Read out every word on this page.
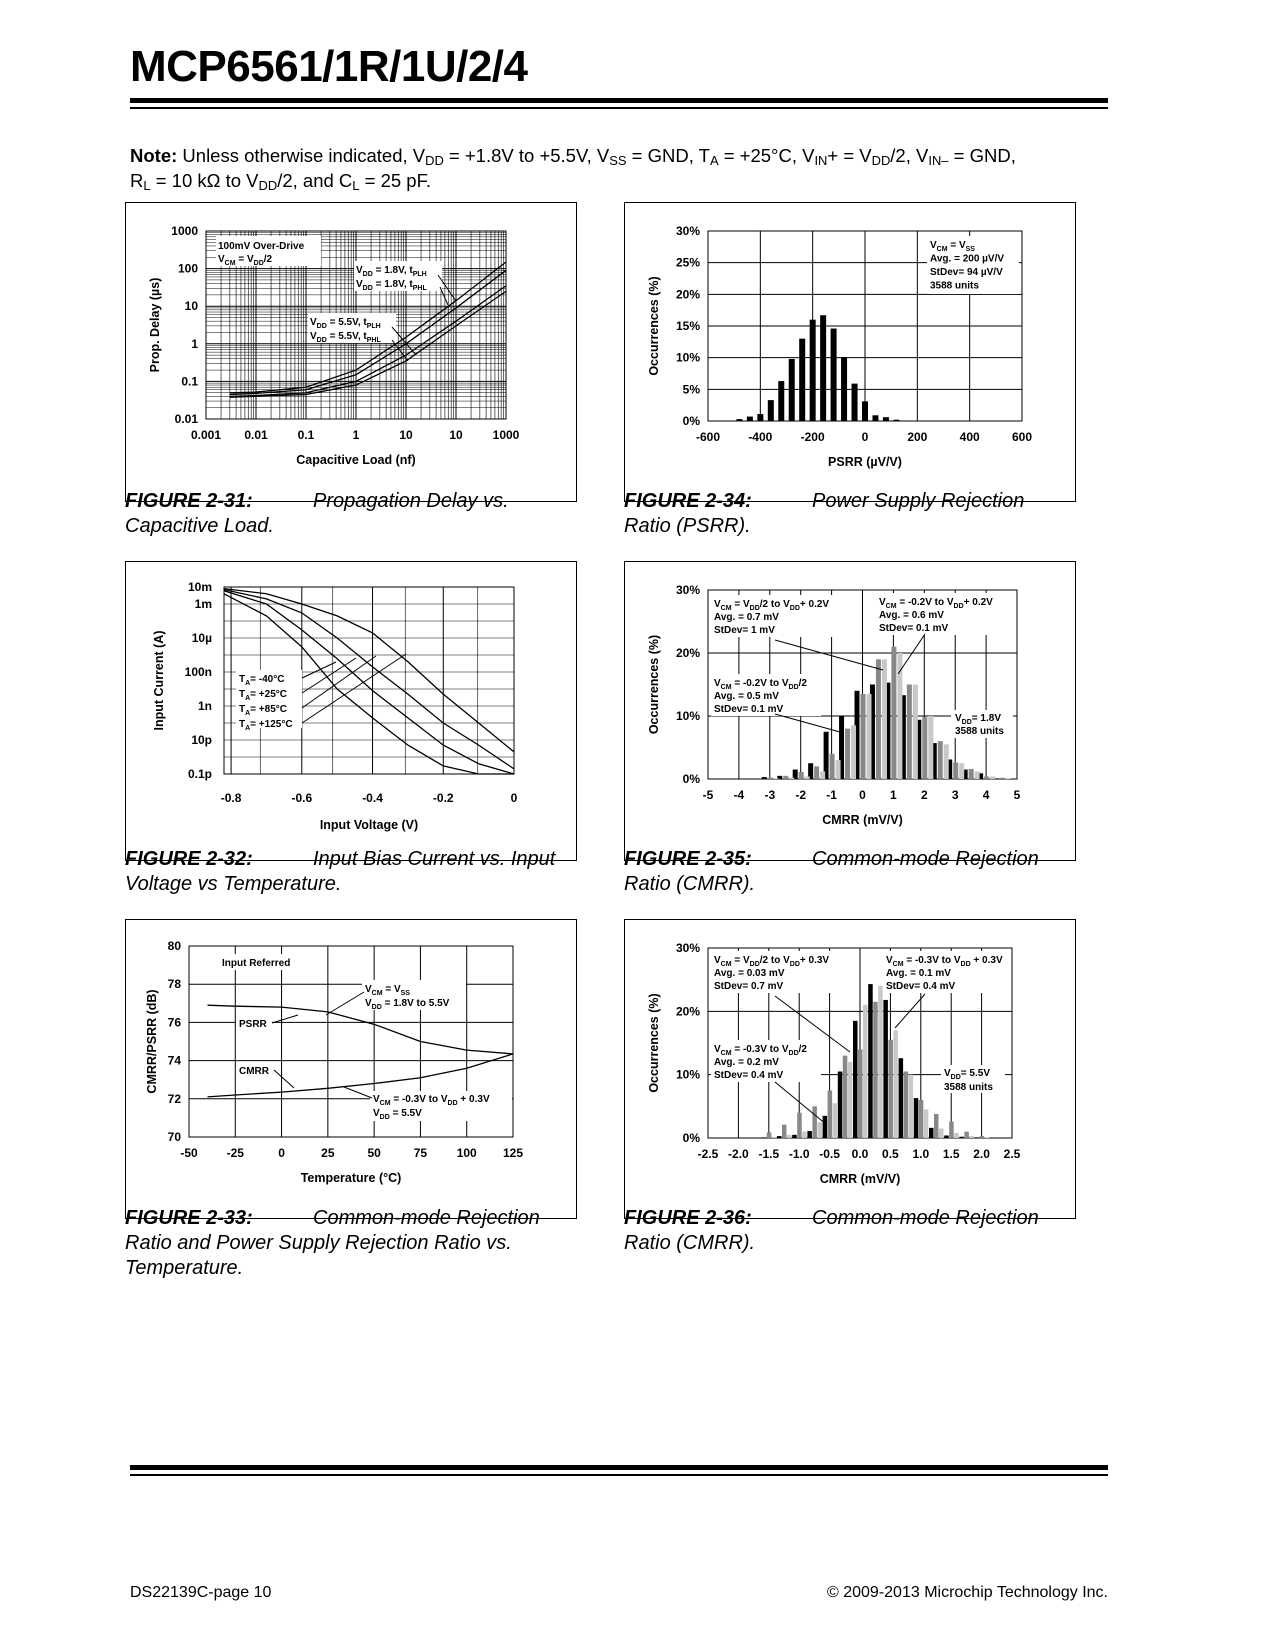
MCP6561/1R/1U/2/4
Note: Unless otherwise indicated, $V_{DD} = +1.8V$ to +5.5V, $V_{SS}$ = GND, $T_A = +25^\circ C$, $V_{IN}+ = V_{DD}/2$, $V_{IN-}$ = GND,
$R_L = 10$ kΩ to $V_{DD}/2$, and $C_L = 25$ pF.
1000
100
10
1
0.1
0.01
0.001 0.01 0.1	1	10	10 1000
Capacitive Load (nf)
Prop. Delay (µs)
100mV Over-Drive
$V_{CM} = V_{DD}/2$
$V_{DD} = 1.8V$, $t_{PLH}$
$V_{DD} = 1.8V$, $t_{PHL}$
$V_{DD} = 5.5V$, $t_{PLH}$
$V_{DD} = 5.5V$, $t_{PHL}$
30%
25%
20%
15%
10%
5%
0%
-600 -400 -200	0	200	400	600
PSRR (µV/V)
Occurrences (%)
$V_{CM} = V_{SS}$
Avg. = 200 µV/V
StDev= 94 µV/V
3588 units
10m
1m
10µ
100n
1n
10p
0.1p
-0.8	-0.6	-0.4	-0.2	0
Input Voltage (V)
Input Current (A)	$T_A= -40^\circ C$
$T_A= +25^\circ C$
$T_A= +85^\circ C$
$T_A= +125^\circ C$
30%
20%
10%
0%
-5 -4 -3 -2 -1 0 1 2 3 4 5
CMRR (mV/V)
Occurrences (%)
$V_{CM} = V_{DD}/2$ to $V_{DD}+ 0.2V$
Avg. = 0.7 mV
StDev= 1 mV
$V_{CM} = -0.2V$ to $V_{DD}+ 0.2V$
Avg. = 0.6 mV
StDev= 0.1 mV
$V_{CM} = -0.2V$ to $V_{DD}/2$
Avg. = 0.5 mV
StDev= 0.1 mV
$V_{DD}= 1.8V$
3588 units
80
78
76
74
72
70
-50 -25	0	25	50	75 100 125
Temperature (°C)
CMRR/PSRR (dB)
Input Referred
$V_{CM} = V_{SS}$
$V_{DD} = 1.8V$ to 5.5V
PSRR
CMRR
$V_{CM} = -0.3V$ to $V_{DD} + 0.3V$
$V_{DD} = 5.5V$
30%
20%
10%
0%
-2.5 -2.0 -1.5 -1.0 -0.5 0.0 0.5 1.0 1.5 2.0 2.5
CMRR (mV/V)
Occurrences (%)
$V_{CM} = V_{DD}/2$ to $V_{DD}+ 0.3V$
Avg. = 0.03 mV
StDev= 0.7 mV
$V_{CM} = -0.3V$ to $V_{DD} + 0.3V$
Avg. = 0.1 mV
StDev= 0.4 mV
$V_{CM} = -0.3V$ to $V_{DD}/2$
Avg. = 0.2 mV
StDev= 0.4 mV	$V_{DD}= 5.5V$
3588 units
FIGURE 2-31:	Propagation Delay vs.
Capacitive Load.
FIGURE 2-34:	Power Supply Rejection
Ratio (PSRR).
FIGURE 2-32:	Input Bias Current vs. Input
Voltage vs Temperature.
FIGURE 2-35:	Common-mode Rejection
Ratio (CMRR).
FIGURE 2-33:	Common-mode Rejection
Ratio and Power Supply Rejection Ratio vs. Temperature.
FIGURE 2-36:	Common-mode Rejection
Ratio (CMRR).
DS22139C-page 10	© 2009-2013 Microchip Technology Inc.
